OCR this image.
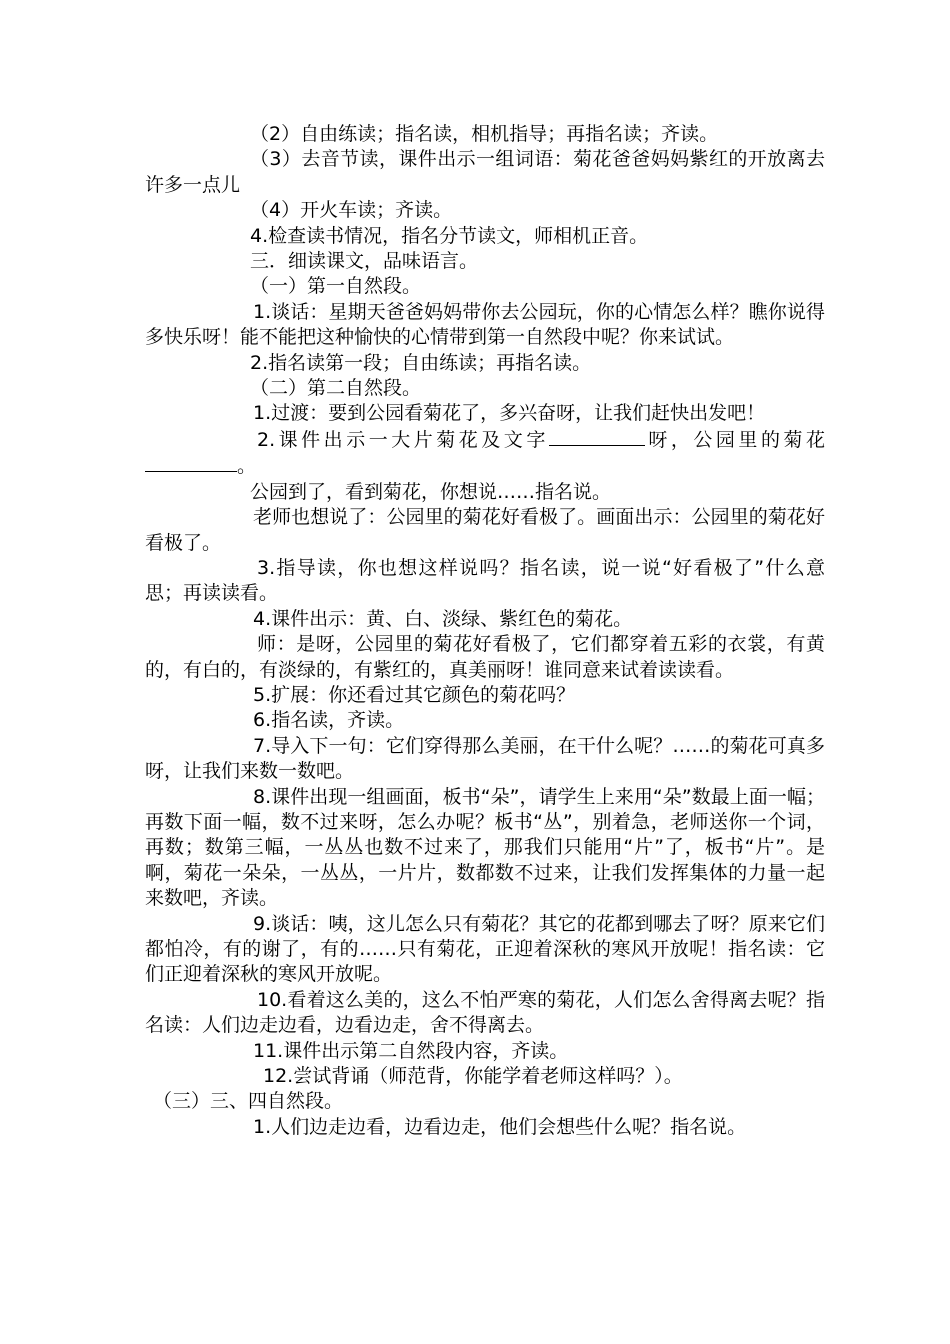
（2）自由练读；指名读，相机指导；再指名读；齐读。

（3）去音节读，课件出示一组词语：菊花爸爸妈妈紫红的开放离去许多一点儿

（4）开火车读；齐读。

4.检查读书情况，指名分节读文，师相机正音。

三．细读课文，品味语言。

（一）第一自然段。

1.谈话：星期天爸爸妈妈带你去公园玩，你的心情怎么样？瞧你说得多快乐呀！能不能把这种愉快的心情带到第一自然段中呢？你来试试。

2.指名读第一段；自由练读；再指名读。

（二）第二自然段。

1.过渡：要到公园看菊花了，多兴奋呀，让我们赶快出发吧！

2.课件出示一大片菊花及文字	呀，公园里的菊花。

公园到了，看到菊花，你想说……指名说。

老师也想说了：公园里的菊花好看极了。画面出示：公园里的菊花好看极了。

3.指导读，你也想这样说吗？指名读，说一说“好看极了”什么意思；再读读看。

4.课件出示：黄、白、淡绿、紫红色的菊花。

师：是呀，公园里的菊花好看极了，它们都穿着五彩的衣裳，有黄的，有白的，有淡绿的，有紫红的，真美丽呀！谁同意来试着读读看。

5.扩展：你还看过其它颜色的菊花吗？

6.指名读，齐读。

7.导入下一句：它们穿得那么美丽，在干什么呢？……的菊花可真多呀，让我们来数一数吧。

8.课件出现一组画面，板书“朵”，请学生上来用“朵”数最上面一幅；再数下面一幅，数不过来呀，怎么办呢？板书“丛”，别着急，老师送你一个词，再数；数第三幅，一丛丛也数不过来了，那我们只能用“片”了，板书“片”。是啊，菊花一朵朵，一丛丛，一片片，数都数不过来，让我们发挥集体的力量一起来数吧，齐读。

9.谈话：咦，这儿怎么只有菊花？其它的花都到哪去了呀？原来它们都怕冷，有的谢了，有的……只有菊花，正迎着深秋的寒风开放呢！指名读：它们正迎着深秋的寒风开放呢。

10.看着这么美的，这么不怕严寒的菊花，人们怎么舍得离去呢？指名读：人们边走边看，边看边走，舍不得离去。

11.课件出示第二自然段内容，齐读。

12.尝试背诵（师范背，你能学着老师这样吗？）。

（三）三、四自然段。

1.人们边走边看，边看边走，他们会想些什么呢？指名说。
